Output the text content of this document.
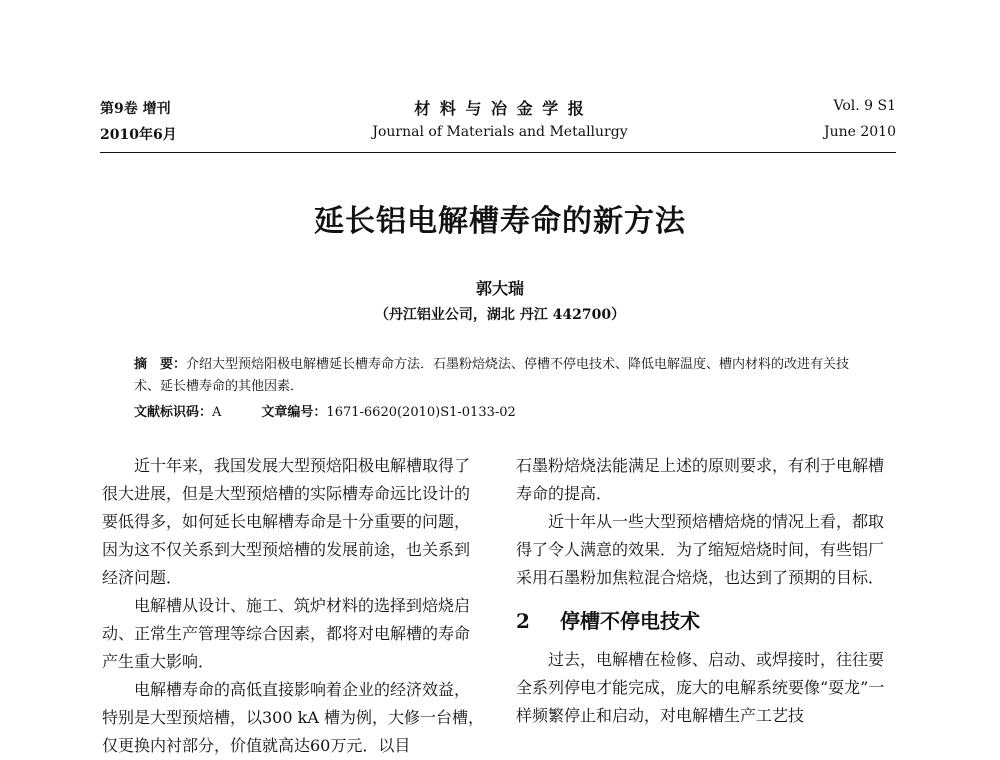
第9卷 增刊
2010年6月
材 料 与 冶 金 学 报
Journal of Materials and Metallurgy
Vol. 9 S1
June 2010
延长铝电解槽寿命的新方法
郭大瑞
（丹江铝业公司，湖北 丹江 442700）
摘　要：介绍大型预焙阳极电解槽延长槽寿命方法．石墨粉焙烧法、停槽不停电技术、降低电解温度、槽内材料的改进有关技术、延长槽寿命的其他因素．
文献标识码：A	文章编号：1671-6620(2010)S1-0133-02

近十年来，我国发展大型预焙阳极电解槽取得了很大进展，但是大型预焙槽的实际槽寿命远比设计的要低得多，如何延长电解槽寿命是十分重要的问题，因为这不仅关系到大型预焙槽的发展前途，也关系到经济问题．

电解槽从设计、施工、筑炉材料的选择到焙烧启动、正常生产管理等综合因素，都将对电解槽的寿命产生重大影响．

电解槽寿命的高低直接影响着企业的经济效益，特别是大型预焙槽，以300 kA 槽为例，大修一台槽，仅更换内衬部分，价值就高达60万元．以目

石墨粉焙烧法能满足上述的原则要求，有利于电解槽寿命的提高．

近十年从一些大型预焙槽焙烧的情况上看，都取得了令人满意的效果．为了缩短焙烧时间，有些铝厂采用石墨粉加焦粒混合焙烧，也达到了预期的目标．

2 停槽不停电技术

过去，电解槽在检修、启动、或焊接时，往往要全系列停电才能完成，庞大的电解系统要像“耍龙”一样频繁停止和启动，对电解槽生产工艺技
